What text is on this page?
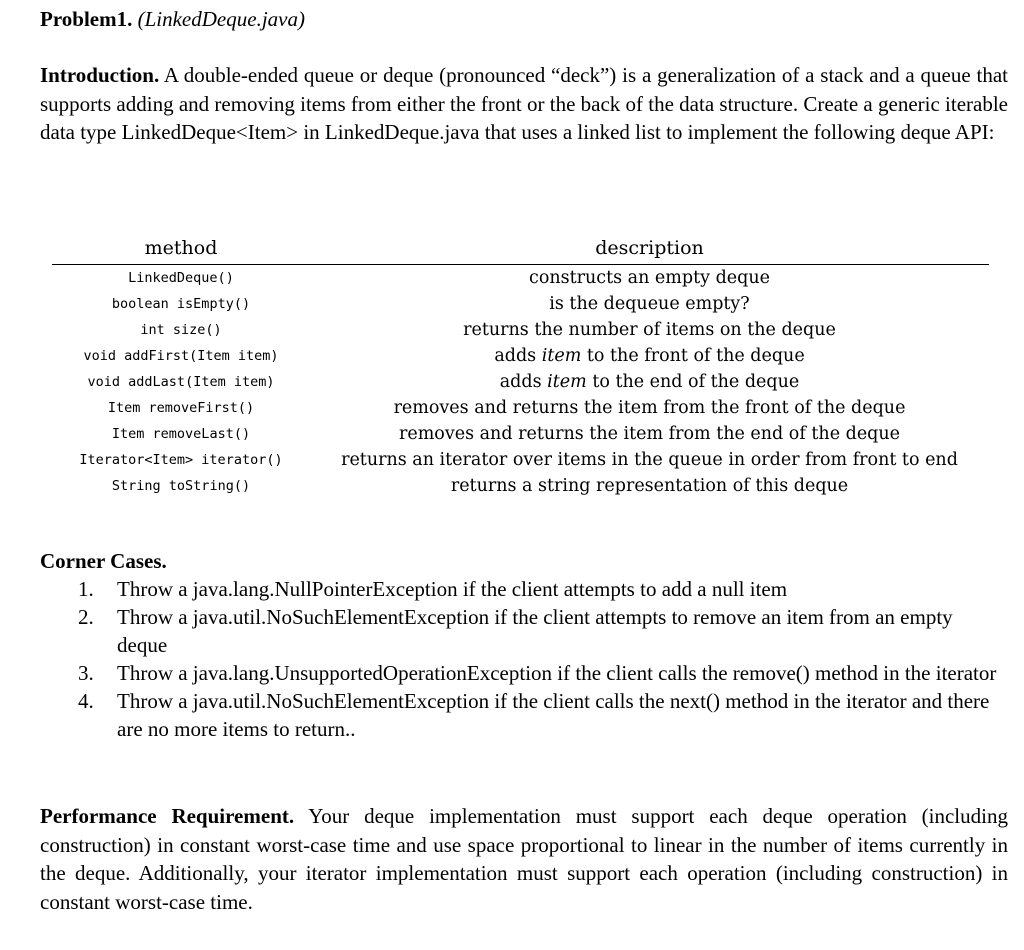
Problem1. (LinkedDeque.java)
Introduction. A double-ended queue or deque (pronounced “deck”) is a generalization of a stack and a queue that supports adding and removing items from either the front or the back of the data structure. Create a generic iterable data type LinkedDeque<Item> in LinkedDeque.java that uses a linked list to implement the following deque API:
method	description
LinkedDeque()	constructs an empty deque
boolean isEmpty()	is the dequeue empty?
int size()	returns the number of items on the deque
void addFirst(Item item)	adds item to the front of the deque
void addLast(Item item)	adds item to the end of the deque
Item removeFirst()	removes and returns the item from the front of the deque
Item removeLast()	removes and returns the item from the end of the deque
Iterator<Item> iterator()	returns an iterator over items in the queue in order from front to end
String toString()	returns a string representation of this deque
Corner Cases.
1. Throw a java.lang.NullPointerException if the client attempts to add a null item
2. Throw a java.util.NoSuchElementException if the client attempts to remove an item from an empty deque
3. Throw a java.lang.UnsupportedOperationException if the client calls the remove() method in the iterator
4. Throw a java.util.NoSuchElementException if the client calls the next() method in the iterator and there are no more items to return..
Performance Requirement. Your deque implementation must support each deque operation (including construction) in constant worst-case time and use space proportional to linear in the number of items currently in the deque. Additionally, your iterator implementation must support each operation (including construction) in constant worst-case time.
